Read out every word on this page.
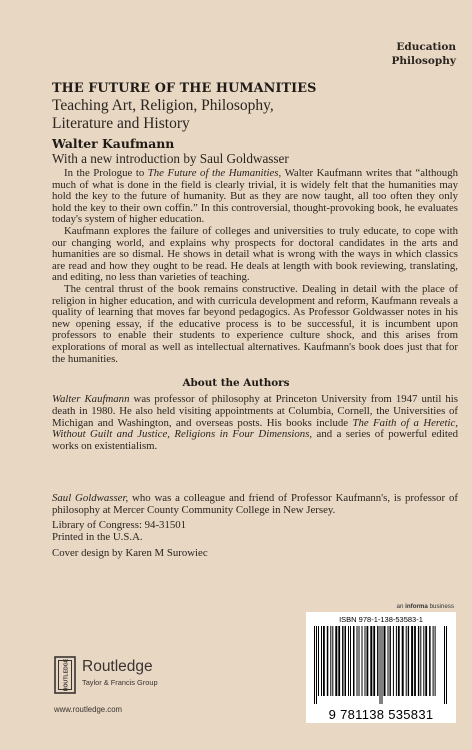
Education
Philosophy
THE FUTURE OF THE HUMANITIES
Teaching Art, Religion, Philosophy,
Literature and History
Walter Kaufmann
With a new introduction by Saul Goldwasser

In the Prologue to The Future of the Humanities, Walter Kaufmann writes that “although much of what is done in the field is clearly trivial, it is widely felt that the humanities may hold the key to the future of humanity. But as they are now taught, all too often they only hold the key to their own coffin.” In this controversial, thought-provoking book, he evaluates today's system of higher education.

Kaufmann explores the failure of colleges and universities to truly educate, to cope with our changing world, and explains why prospects for doctoral candidates in the arts and humanities are so dismal. He shows in detail what is wrong with the ways in which classics are read and how they ought to be read. He deals at length with book reviewing, translating, and editing, no less than varieties of teaching.

The central thrust of the book remains constructive. Dealing in detail with the place of religion in higher education, and with curricula development and reform, Kaufmann reveals a quality of learning that moves far beyond pedagogics. As Professor Goldwasser notes in his new opening essay, if the educative process is to be successful, it is incumbent upon professors to enable their students to experience culture shock, and this arises from explorations of moral as well as intellectual alternatives. Kaufmann's book does just that for the humanities.

About the Authors
Walter Kaufmann was professor of philosophy at Princeton University from 1947 until his death in 1980. He also held visiting appointments at Columbia, Cornell, the Universities of Michigan and Washington, and overseas posts. His books include The Faith of a Heretic, Without Guilt and Justice, Religions in Four Dimensions, and a series of powerful edited works on existentialism.
Saul Goldwasser, who was a colleague and friend of Professor Kaufmann's, is professor of philosophy at Mercer County Community College in New Jersey.
Library of Congress: 94-31501
Printed in the U.S.A.
Cover design by Karen M Surowiec
an informa business
ISBN 978-1-138-53583-1
9 781138 535831
ROUTLEDGE Routledge
Taylor & Francis Group
www.routledge.com
